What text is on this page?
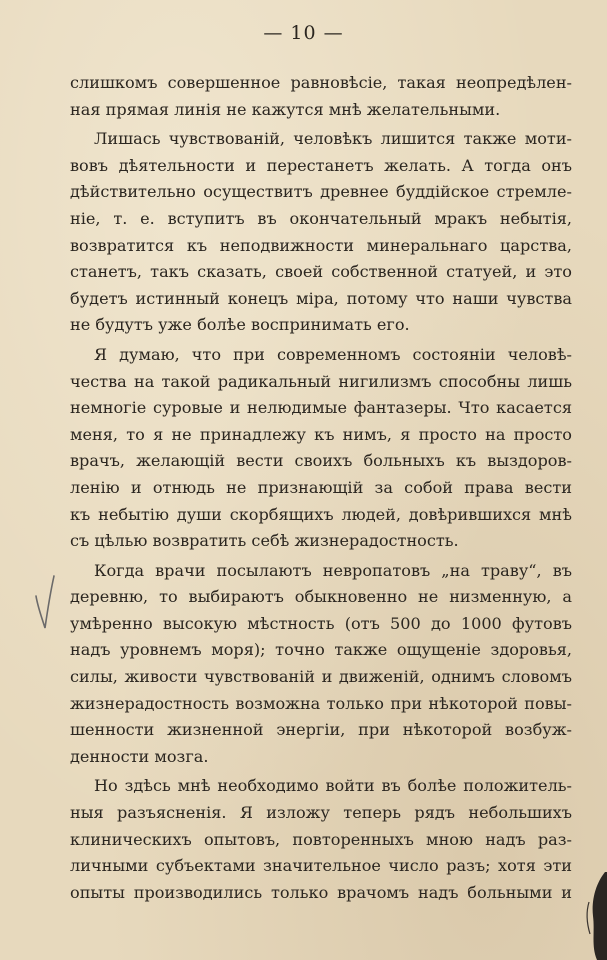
— 10 —
слишкомъ совершенное равновѣсіе, такая неопредѣлен-
ная прямая линія не кажутся мнѣ желательными.
Лишась чувствованій, человѣкъ лишится также моти-
вовъ дѣятельности и перестанетъ желать. А тогда онъ
дѣйствительно осуществитъ древнее буддійское стремле-
ніе, т. е. вступитъ въ окончательный мракъ небытія,
возвратится къ неподвижности минеральнаго царства,
станетъ, такъ сказать, своей собственной статуей, и это
будетъ истинный конецъ міра, потому что наши чувства
не будутъ уже болѣе воспринимать его.
Я думаю, что при современномъ состояніи человѣ-
чества на такой радикальный нигилизмъ способны лишь
немногіе суровые и нелюдимые фантазеры. Что касается
меня, то я не принадлежу къ нимъ, я просто на просто
врачъ, желающій вести своихъ больныхъ къ выздоров-
ленію и отнюдь не признающій за собой права вести
къ небытію души скорбящихъ людей, довѣрившихся мнѣ
съ цѣлью возвратить себѣ жизнерадостность.
Когда врачи посылаютъ невропатовъ „на траву“, въ
деревню, то выбираютъ обыкновенно не низменную, а
умѣренно высокую мѣстность (отъ 500 до 1000 футовъ
надъ уровнемъ моря); точно также ощущеніе здоровья,
силы, живости чувствованій и движеній, однимъ словомъ
жизнерадостность возможна только при нѣкоторой повы-
шенности жизненной энергіи, при нѣкоторой возбуж-
денности мозга.
Но здѣсь мнѣ необходимо войти въ болѣе положитель-
ныя разъясненія. Я изложу теперь рядъ небольшихъ
клиническихъ опытовъ, повторенныхъ мною надъ раз-
личными субъектами значительное число разъ; хотя эти
опыты производились только врачомъ надъ больными и
